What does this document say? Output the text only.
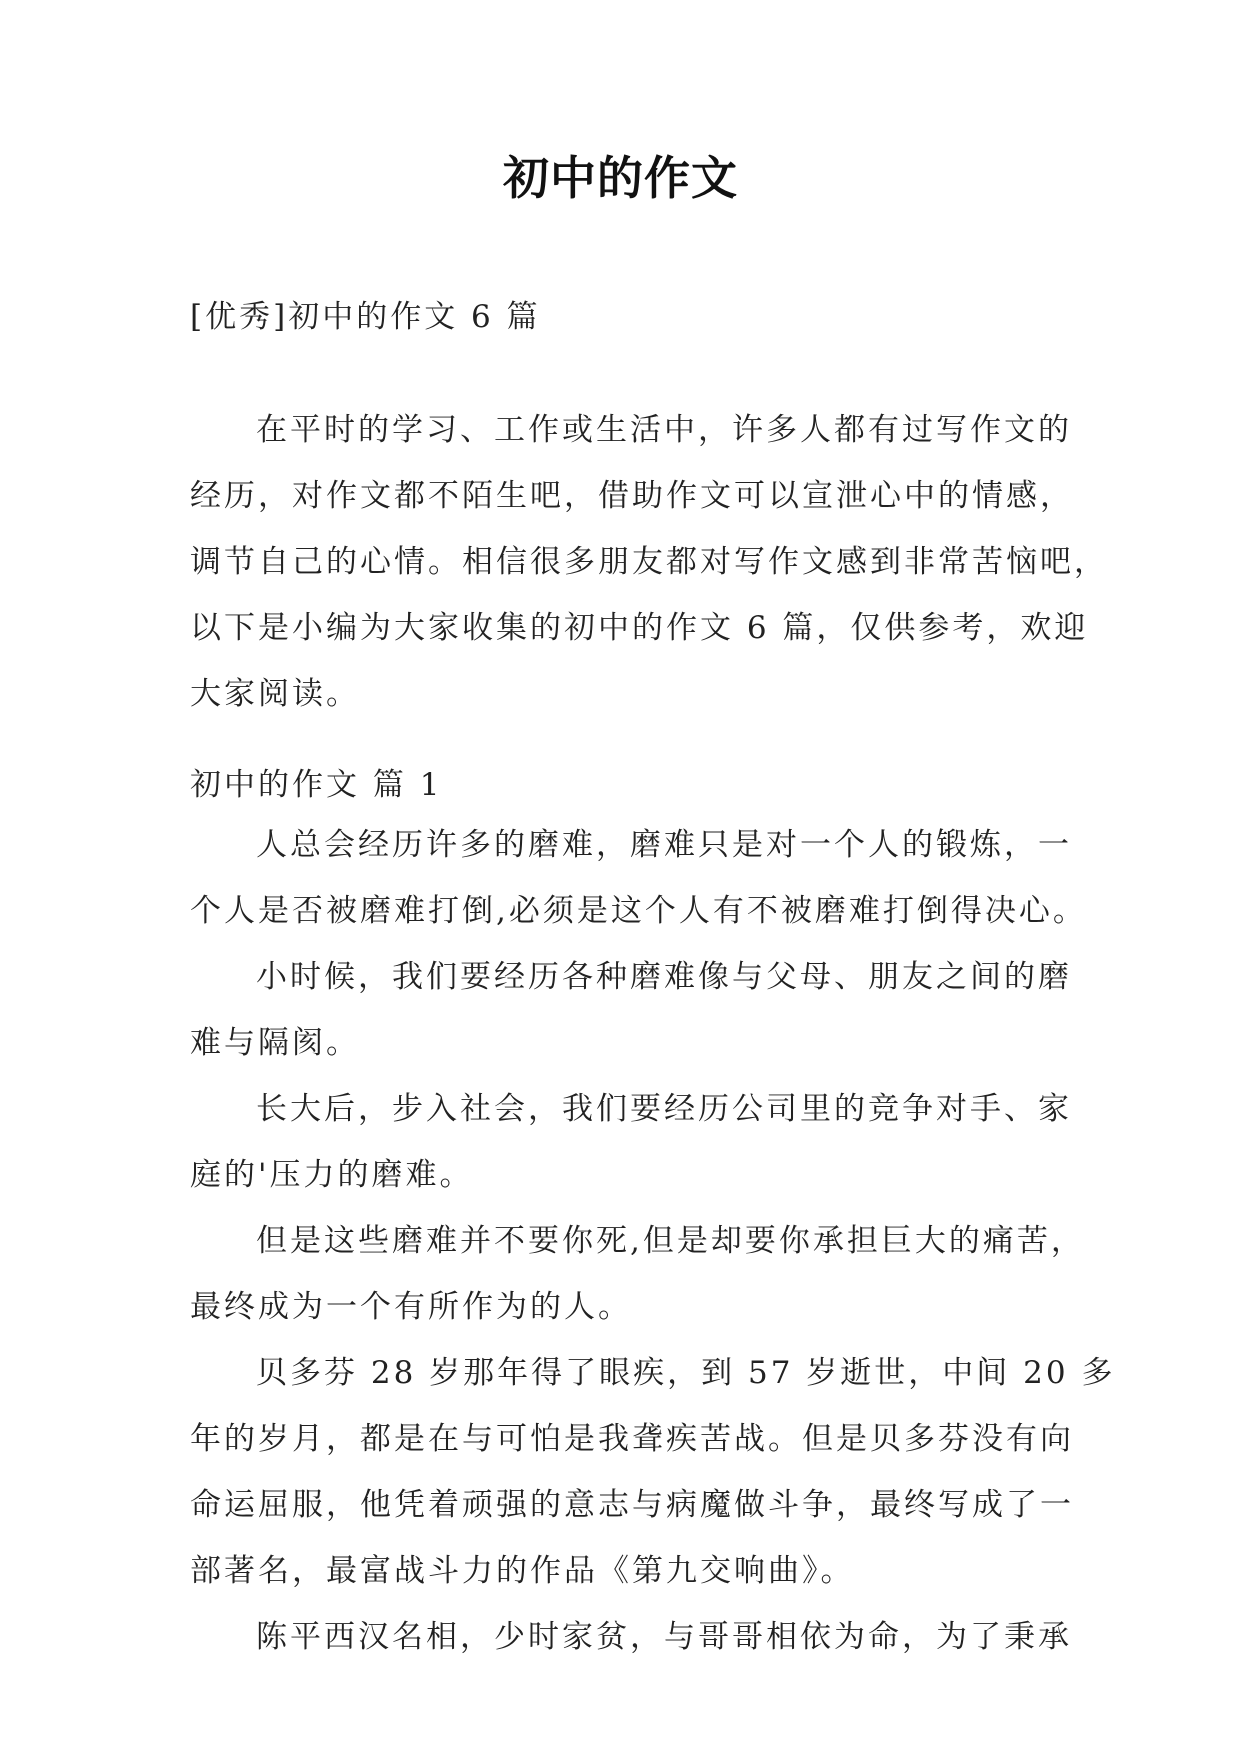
初中的作文
[优秀]初中的作文 6 篇
在平时的学习、工作或生活中，许多人都有过写作文的
经历，对作文都不陌生吧，借助作文可以宣泄心中的情感，
调节自己的心情。相信很多朋友都对写作文感到非常苦恼吧，
以下是小编为大家收集的初中的作文 6 篇，仅供参考，欢迎
大家阅读。
初中的作文 篇 1
人总会经历许多的磨难，磨难只是对一个人的锻炼，一
个人是否被磨难打倒,必须是这个人有不被磨难打倒得决心。
小时候，我们要经历各种磨难像与父母、朋友之间的磨
难与隔阂。
长大后，步入社会，我们要经历公司里的竞争对手、家
庭的'压力的磨难。
但是这些磨难并不要你死,但是却要你承担巨大的痛苦，
最终成为一个有所作为的人。
贝多芬 28 岁那年得了眼疾，到 57 岁逝世，中间 20 多
年的岁月，都是在与可怕是我聋疾苦战。但是贝多芬没有向
命运屈服，他凭着顽强的意志与病魔做斗争，最终写成了一
部著名，最富战斗力的作品《第九交响曲》。
陈平西汉名相，少时家贫，与哥哥相依为命，为了秉承
